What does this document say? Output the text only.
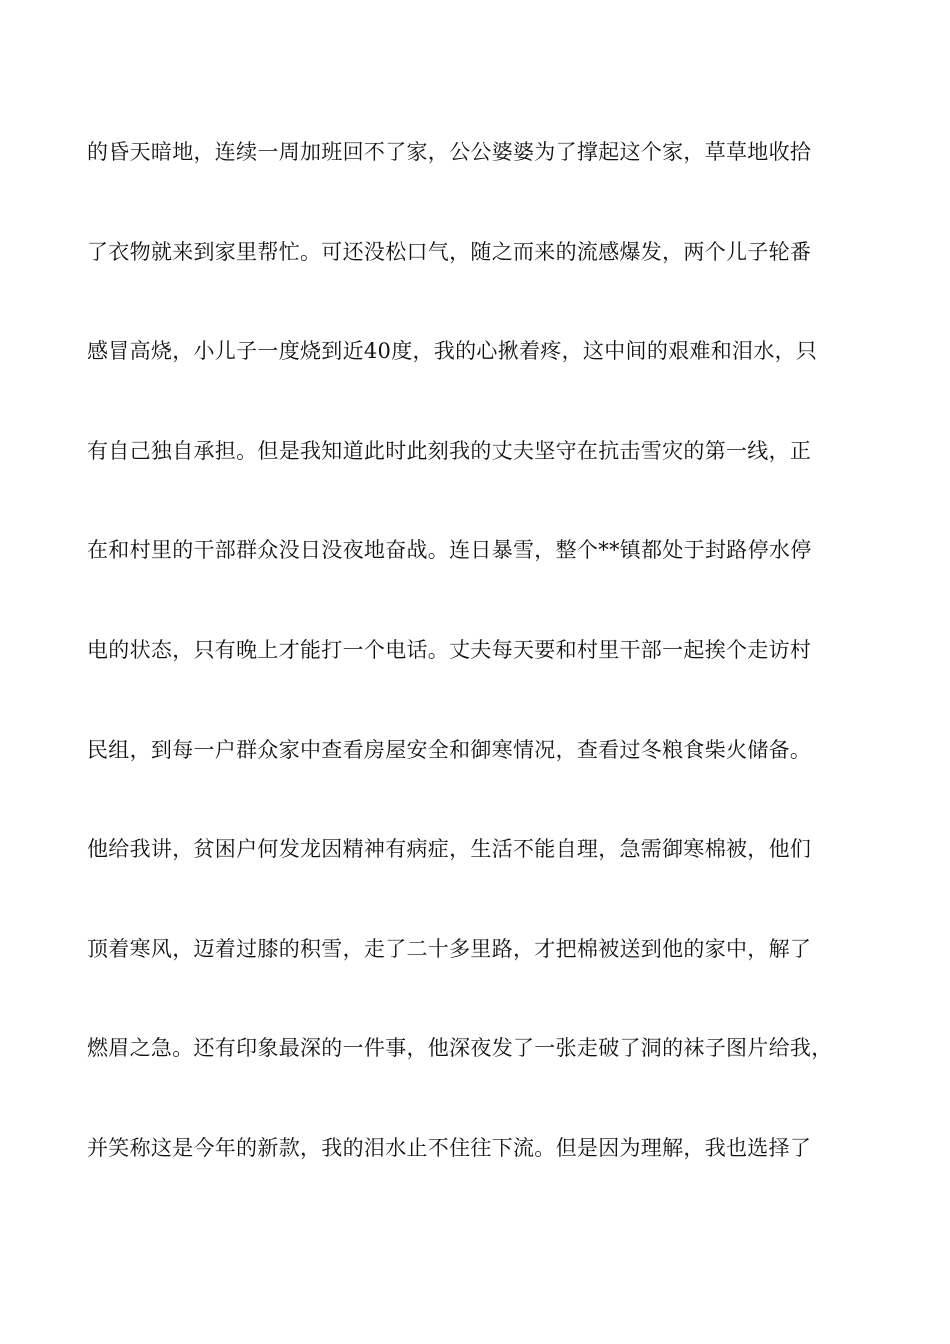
的昏天暗地，连续一周加班回不了家，公公婆婆为了撑起这个家，草草地收拾
了衣物就来到家里帮忙。可还没松口气，随之而来的流感爆发，两个儿子轮番
感冒高烧，小儿子一度烧到近40度，我的心揪着疼，这中间的艰难和泪水，只
有自己独自承担。但是我知道此时此刻我的丈夫坚守在抗击雪灾的第一线，正
在和村里的干部群众没日没夜地奋战。连日暴雪，整个**镇都处于封路停水停
电的状态，只有晚上才能打一个电话。丈夫每天要和村里干部一起挨个走访村
民组，到每一户群众家中查看房屋安全和御寒情况，查看过冬粮食柴火储备。
他给我讲，贫困户何发龙因精神有病症，生活不能自理，急需御寒棉被，他们
顶着寒风，迈着过膝的积雪，走了二十多里路，才把棉被送到他的家中，解了
燃眉之急。还有印象最深的一件事，他深夜发了一张走破了洞的袜子图片给我，
并笑称这是今年的新款，我的泪水止不住往下流。但是因为理解，我也选择了
